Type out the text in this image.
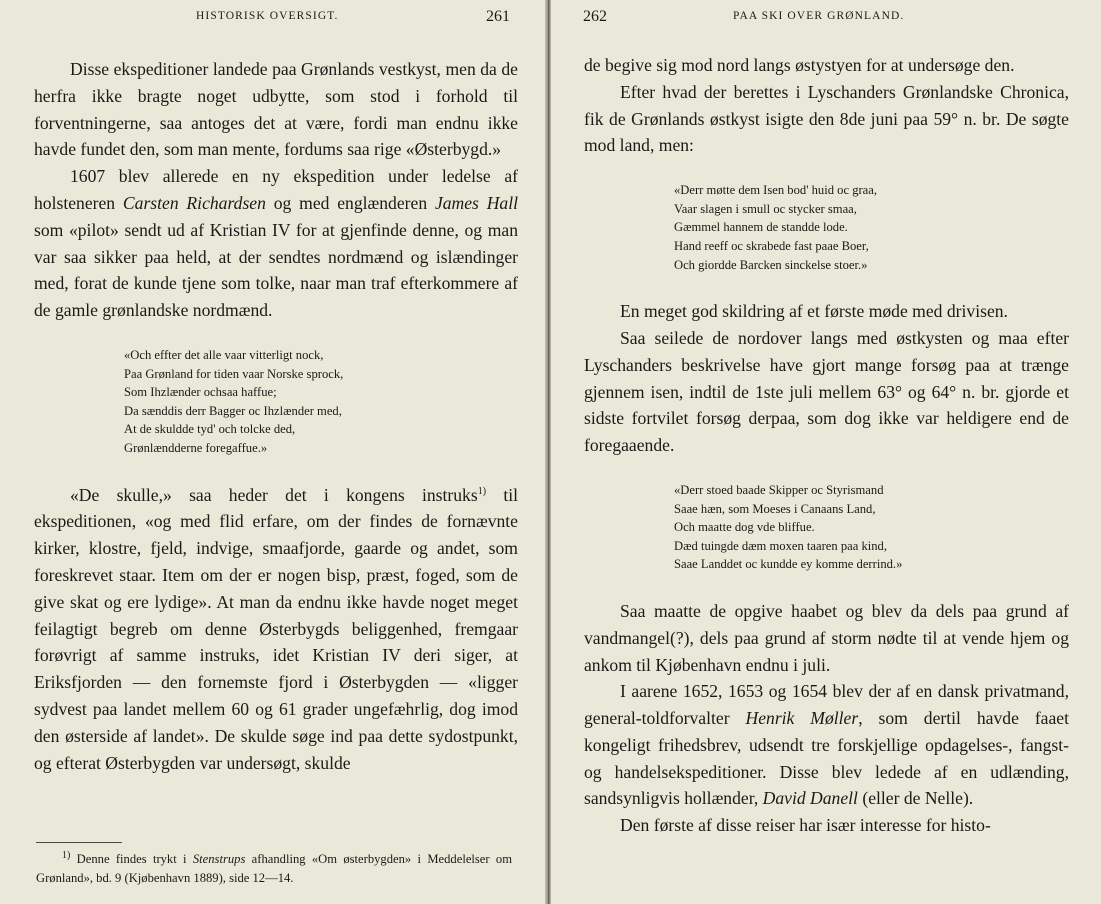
HISTORISK OVERSIGT.	261

Disse ekspeditioner landede paa Grønlands vestkyst, men da de herfra ikke bragte noget udbytte, som stod i forhold til forventningerne, saa antoges det at være, fordi man endnu ikke havde fundet den, som man mente, fordums saa rige «Østerbygd.»

1607 blev allerede en ny ekspedition under ledelse af holsteneren Carsten Richardsen og med englænderen James Hall som «pilot» sendt ud af Kristian IV for at gjenfinde denne, og man var saa sikker paa held, at der sendtes nordmænd og islændinger med, forat de kunde tjene som tolke, naar man traf efterkommere af de gamle grønlandske nordmænd.

«Och effter det alle vaar vitterligt nock,
Paa Grønland for tiden vaar Norske sprock,
Som Ihzlænder ochsaa haffue;
Da sænddis derr Bagger oc Ihzlænder med,
At de skuldde tyd' och tolcke ded,
Grønlændderne foregaffue.»

«De skulle,» saa heder det i kongens instruks$^{1)}$ til ekspeditionen, «og med flid erfare, om der findes de fornævnte kirker, klostre, fjeld, indvige, smaafjorde, gaarde og andet, som foreskrevet staar. Item om der er nogen bisp, præst, foged, som de give skat og ere lydige». At man da endnu ikke havde noget meget feilagtigt begreb om denne Østerbygds beliggenhed, fremgaar forøvrigt af samme instruks, idet Kristian IV deri siger, at Eriksfjorden — den fornemste fjord i Østerbygden — «ligger sydvest paa landet mellem 60 og 61 grader ungefæhrlig, dog imod den østerside af landet». De skulde søge ind paa dette sydostpunkt, og efterat Østerbygden var undersøgt, skulde

$^{1)}$ Denne findes trykt i Stenstrups afhandling «Om østerbygden» i Meddelelser om Grønland», bd. 9 (Kjøbenhavn 1889), side 12—14.

262	PAA SKI OVER GRØNLAND.

de begive sig mod nord langs østystyen for at undersøge den.

Efter hvad der berettes i Lyschanders Grønlandske Chronica, fik de Grønlands østkyst isigte den 8de juni paa 59° n. br. De søgte mod land, men:

«Derr møtte dem Isen bod' huid oc graa,
Vaar slagen i smull oc stycker smaa,
Gæmmel hannem de standde lode.
Hand reeff oc skrabede fast paae Boer,
Och giordde Barcken sinckelse stoer.»

En meget god skildring af et første møde med drivisen.

Saa seilede de nordover langs med østkysten og maa efter Lyschanders beskrivelse have gjort mange forsøg paa at trænge gjennem isen, indtil de 1ste juli mellem 63° og 64° n. br. gjorde et sidste fortvilet forsøg derpaa, som dog ikke var heldigere end de foregaaende.

«Derr stoed baade Skipper oc Styrismand
Saae hæn, som Moeses i Canaans Land,
Och maatte dog vde bliffue.
Dæd tuingde dæm moxen taaren paa kind,
Saae Landdet oc kundde ey komme derrind.»

Saa maatte de opgive haabet og blev da dels paa grund af vandmangel(?), dels paa grund af storm nødte til at vende hjem og ankom til Kjøbenhavn endnu i juli.

I aarene 1652, 1653 og 1654 blev der af en dansk privatmand, general-toldforvalter Henrik Møller, som dertil havde faaet kongeligt frihedsbrev, udsendt tre forskjellige opdagelses-, fangst- og handelsekspeditioner. Disse blev ledede af en udlænding, sandsynligvis hollænder, David Danell (eller de Nelle).

Den første af disse reiser har især interesse for histo-
